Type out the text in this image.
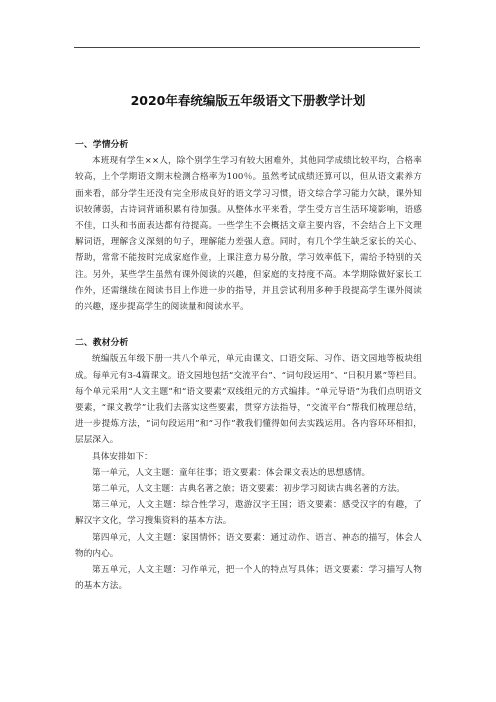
2020年春统编版五年级语文下册教学计划
一、学情分析

本班现有学生××人，除个别学生学习有较大困难外，其他同学成绩比较平均，合格率较高，上个学期语文期末检测合格率为100％。虽然考试成绩还算可以，但从语文素养方面来看，部分学生还没有完全形成良好的语文学习习惯，语文综合学习能力欠缺，课外知识较薄弱，古诗词背诵积累有待加强。从整体水平来看，学生受方言生活环境影响，语感不佳，口头和书面表达都有待提高。一些学生不会概括文章主要内容，不会结合上下文理解词语，理解含义深刻的句子，理解能力差强人意。同时，有几个学生缺乏家长的关心、帮助，常常不能按时完成家庭作业，上课注意力易分散，学习效率低下，需给予特别的关注。另外，某些学生虽然有课外阅读的兴趣，但家庭的支持度不高。本学期除做好家长工作外，还需继续在阅读书目上作进一步的指导，并且尝试利用多种手段提高学生课外阅读的兴趣，逐步提高学生的阅读量和阅读水平。

二、教材分析

统编版五年级下册一共八个单元，单元由课文、口语交际、习作、语文园地等板块组成。每单元有3-4篇课文。语文园地包括“交流平台”、“词句段运用”、“日积月累”等栏目。每个单元采用“人文主题”和“语文要素”双线组元的方式编排。“单元导语”为我们点明语文要素，“课文教学”让我们去落实这些要素，贯穿方法指导，“交流平台”帮我们梳理总结，进一步提炼方法，“词句段运用”和“习作”教我们懂得如何去实践运用。各内容环环相扣，层层深入。

具体安排如下：

第一单元，人文主题：童年往事；语文要素：体会课文表达的思想感情。

第二单元，人文主题：古典名著之旅；语文要素：初步学习阅读古典名著的方法。

第三单元，人文主题：综合性学习，遨游汉字王国；语文要素：感受汉字的有趣，了解汉字文化，学习搜集资料的基本方法。

第四单元，人文主题：家国情怀；语文要素：通过动作、语言、神态的描写，体会人物的内心。

第五单元，人文主题：习作单元，把一个人的特点写具体；语文要素：学习描写人物的基本方法。
